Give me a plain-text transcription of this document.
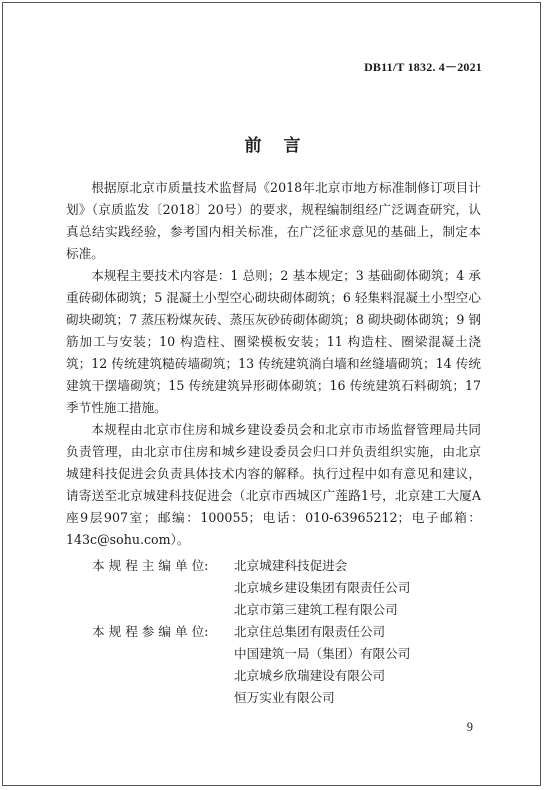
DB11/T 1832. 4－2021
前言

根据原北京市质量技术监督局《2018年北京市地方标准制修订项目计划》（京质监发〔2018〕20号）的要求，规程编制组经广泛调查研究，认真总结实践经验，参考国内相关标准，在广泛征求意见的基础上，制定本标准。

本规程主要技术内容是：1 总则；2 基本规定；3 基础砌体砌筑；4 承重砖砌体砌筑；5 混凝土小型空心砌块砌体砌筑；6 轻集料混凝土小型空心砌块砌筑；7 蒸压粉煤灰砖、蒸压灰砂砖砌体砌筑；8 砌块砌体砌筑；9 钢筋加工与安装；10 构造柱、圈梁模板安装；11 构造柱、圈梁混凝土浇筑；12 传统建筑糙砖墙砌筑；13 传统建筑淌白墙和丝缝墙砌筑；14 传统建筑干摆墙砌筑；15 传统建筑异形砌体砌筑；16 传统建筑石料砌筑；17 季节性施工措施。

本规程由北京市住房和城乡建设委员会和北京市市场监督管理局共同负责管理，由北京市住房和城乡建设委员会归口并负责组织实施，由北京城建科技促进会负责具体技术内容的解释。执行过程中如有意见和建议，请寄送至北京城建科技促进会（北京市西城区广莲路1号，北京建工大厦A座9层907室；邮编：100055；电话：010-63965212；电子邮箱：143c@sohu.com）。

本 规 程 主 编 单 位:	北京城建科技促进会
北京城乡建设集团有限责任公司
北京市第三建筑工程有限公司
本 规 程 参 编 单 位:	北京住总集团有限责任公司
中国建筑一局（集团）有限公司
北京城乡欣瑞建设有限公司
恒万实业有限公司
9
